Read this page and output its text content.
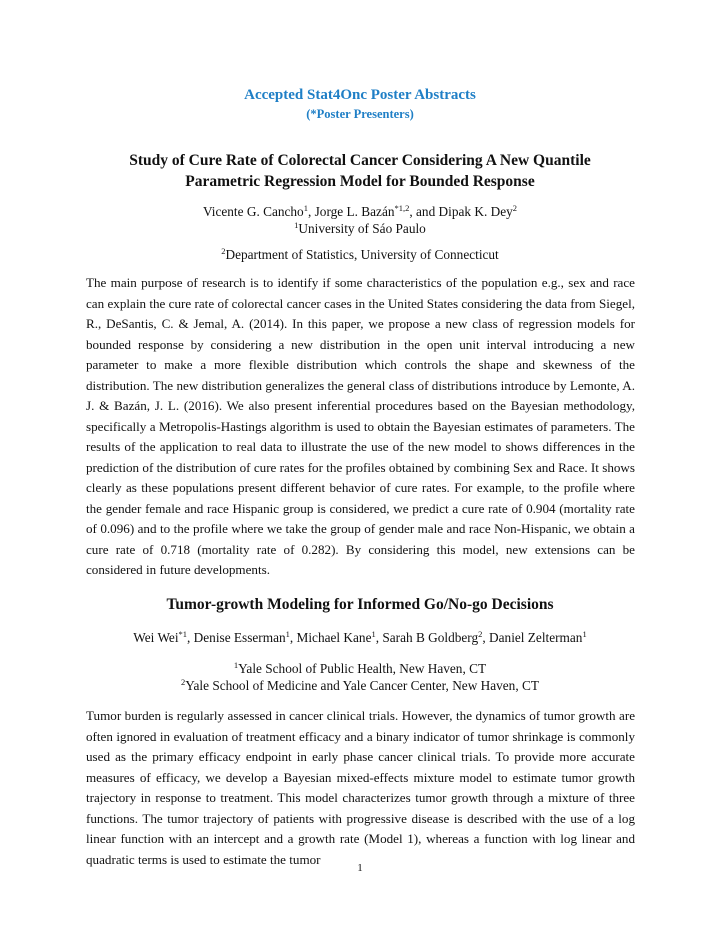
Accepted Stat4Onc Poster Abstracts
(*Poster Presenters)
Study of Cure Rate of Colorectal Cancer Considering A New Quantile
Parametric Regression Model for Bounded Response
Vicente G. Cancho$^1$, Jorge L. Bazán$^{*1,2}$, and Dipak K. Dey$^2$
$^1$University of Sáo Paulo
$^2$Department of Statistics, University of Connecticut
The main purpose of research is to identify if some characteristics of the population e.g., sex and race can explain the cure rate of colorectal cancer cases in the United States considering the data from Siegel, R., DeSantis, C. & Jemal, A. (2014). In this paper, we propose a new class of regression models for bounded response by considering a new distribution in the open unit interval introducing a new parameter to make a more flexible distribution which controls the shape and skewness of the distribution. The new distribution generalizes the general class of distributions introduce by Lemonte, A. J. & Bazán, J. L. (2016). We also present inferential procedures based on the Bayesian methodology, specifically a Metropolis-Hastings algorithm is used to obtain the Bayesian estimates of parameters. The results of the application to real data to illustrate the use of the new model to shows differences in the prediction of the distribution of cure rates for the profiles obtained by combining Sex and Race. It shows clearly as these populations present different behavior of cure rates. For example, to the profile where the gender female and race Hispanic group is considered, we predict a cure rate of 0.904 (mortality rate of 0.096) and to the profile where we take the group of gender male and race Non-Hispanic, we obtain a cure rate of 0.718 (mortality rate of 0.282). By considering this model, new extensions can be considered in future developments.
Tumor-growth Modeling for Informed Go/No-go Decisions
Wei Wei$^{*1}$, Denise Esserman$^1$, Michael Kane$^1$, Sarah B Goldberg$^2$, Daniel Zelterman$^1$
$^1$Yale School of Public Health, New Haven, CT
$^2$Yale School of Medicine and Yale Cancer Center, New Haven, CT
Tumor burden is regularly assessed in cancer clinical trials. However, the dynamics of tumor growth are often ignored in evaluation of treatment efficacy and a binary indicator of tumor shrinkage is commonly used as the primary efficacy endpoint in early phase cancer clinical trials. To provide more accurate measures of efficacy, we develop a Bayesian mixed-effects mixture model to estimate tumor growth trajectory in response to treatment. This model characterizes tumor growth through a mixture of three functions. The tumor trajectory of patients with progressive disease is described with the use of a log linear function with an intercept and a growth rate (Model 1), whereas a function with log linear and quadratic terms is used to estimate the tumor
1
